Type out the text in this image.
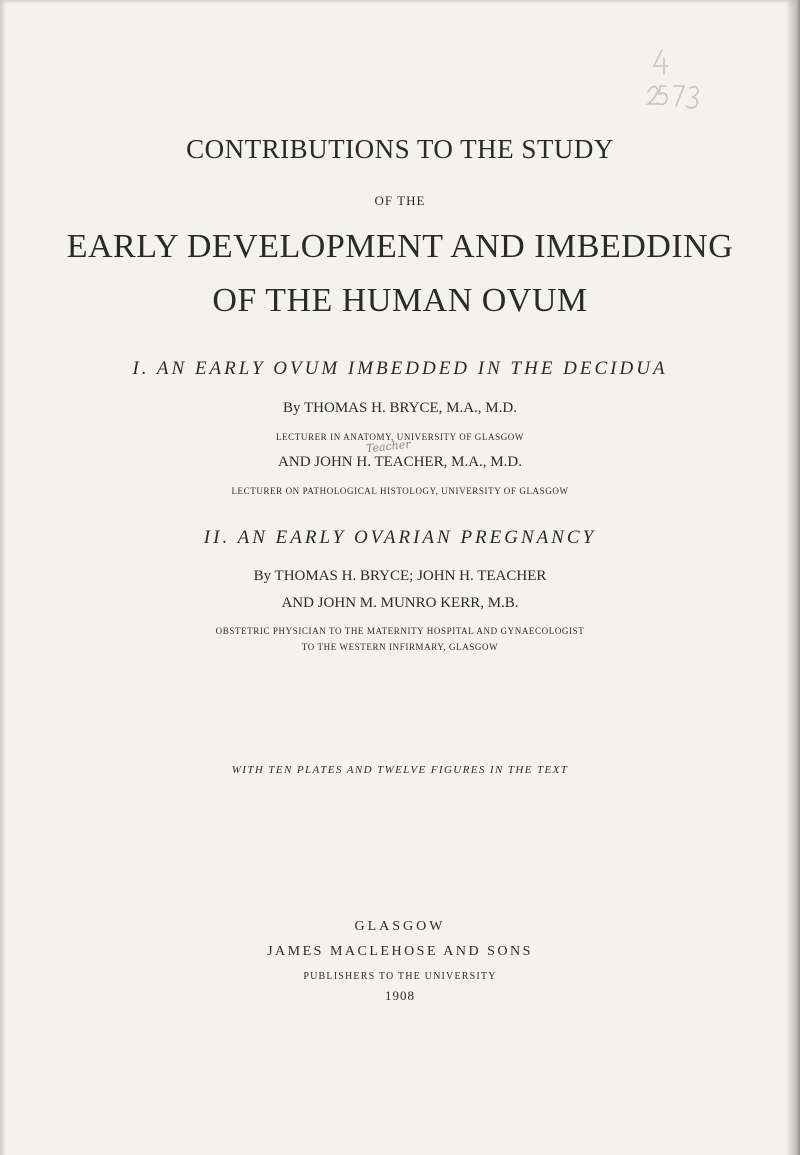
CONTRIBUTIONS TO THE STUDY
OF THE
EARLY DEVELOPMENT AND IMBEDDING
OF THE HUMAN OVUM
I. AN EARLY OVUM IMBEDDED IN THE DECIDUA
By THOMAS H. BRYCE, M.A., M.D.
LECTURER IN ANATOMY, UNIVERSITY OF GLASGOW
Teacher
AND JOHN H. TEACHER, M.A., M.D.
LECTURER ON PATHOLOGICAL HISTOLOGY, UNIVERSITY OF GLASGOW
II. AN EARLY OVARIAN PREGNANCY
By THOMAS H. BRYCE; JOHN H. TEACHER
AND JOHN M. MUNRO KERR, M.B.
OBSTETRIC PHYSICIAN TO THE MATERNITY HOSPITAL AND GYNAECOLOGIST
TO THE WESTERN INFIRMARY, GLASGOW
WITH TEN PLATES AND TWELVE FIGURES IN THE TEXT
GLASGOW
JAMES MACLEHOSE AND SONS
PUBLISHERS TO THE UNIVERSITY
1908
